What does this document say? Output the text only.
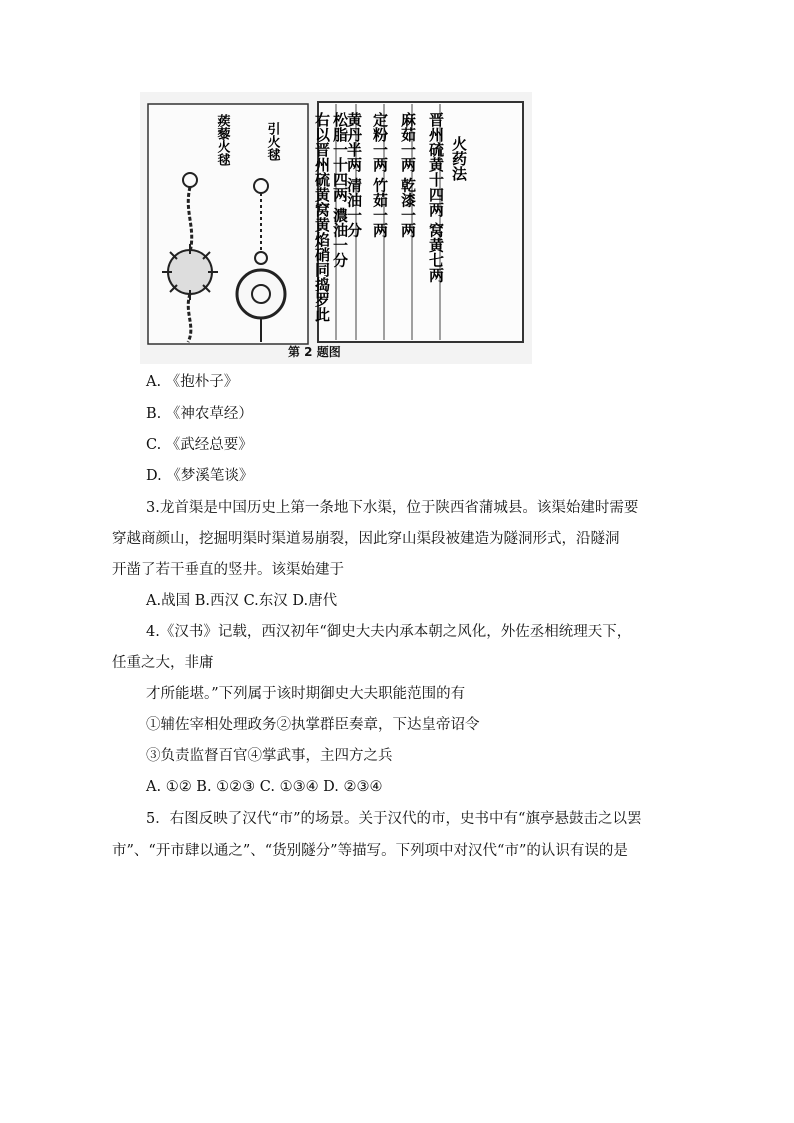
引火毬
蒺藜火毬	火药法
晋州硫黄十四两 窝黄七两
麻茹一两 乾漆一两
定粉一两 竹茹一两
黄丹半两 清油一分
松脂一十四两 濃油一分
右以晋州硫黄窝黄焰硝同捣罗此
第 2 题图
A. 《抱朴子》
B. 《神农草经）
C. 《武经总要》
D. 《梦溪笔谈》
3.龙首渠是中国历史上第一条地下水渠，位于陕西省蒲城县。该渠始建时需要
穿越商颜山，挖掘明渠时渠道易崩裂，因此穿山渠段被建造为隧洞形式，沿隧洞
开凿了若干垂直的竖井。该渠始建于
A.战国 B.西汉 C.东汉 D.唐代
4.《汉书》记载，西汉初年“御史大夫内承本朝之风化，外佐丞相统理天下，
任重之大，非庸
才所能堪。”下列属于该时期御史大夫职能范围的有
①辅佐宰相处理政务②执掌群臣奏章，下达皇帝诏令
③负责监督百官④掌武事，主四方之兵
A. ①② B. ①②③ C. ①③④ D. ②③④
5．右图反映了汉代“市”的场景。关于汉代的市，史书中有“旗亭悬鼓击之以罢
市”、“开市肆以通之”、“货别隧分”等描写。下列项中对汉代“市”的认识有误的是
